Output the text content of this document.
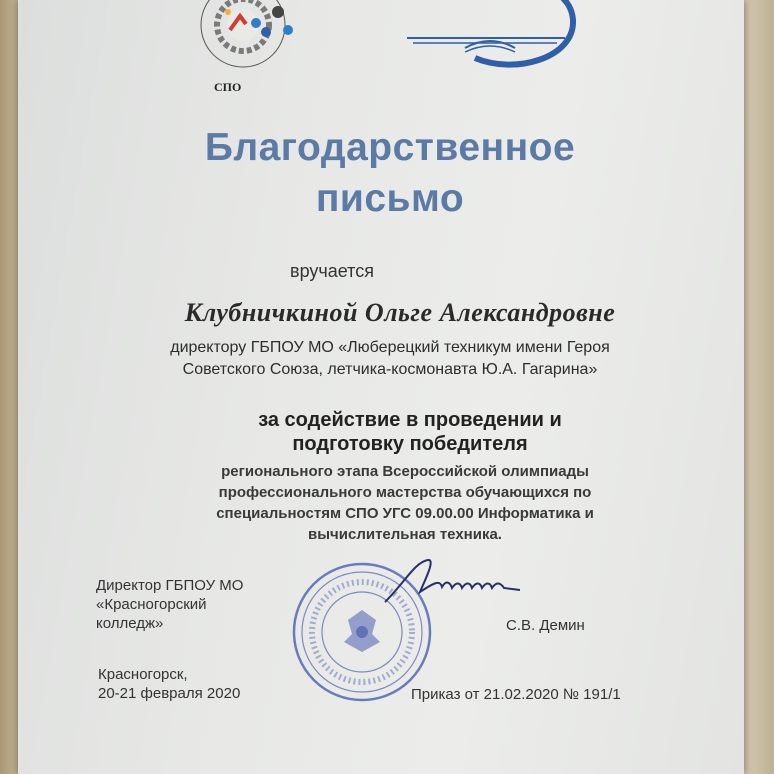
СПО
Благодарственное
письмо
вручается
Клубничкиной Ольге Александровне
директору ГБПОУ МО «Люберецкий техникум имени Героя
Советского Союза, летчика-космонавта Ю.А. Гагарина»
за содействие в проведении и
подготовку победителя
регионального этапа Всероссийской олимпиады
профессионального мастерства обучающихся по
специальностям СПО УГС 09.00.00 Информатика и
вычислительная техника.
Директор ГБПОУ МО
«Красногорский
колледж»	С.В. Демин
Красногорск,
20-21 февраля 2020	Приказ от 21.02.2020 № 191/1
